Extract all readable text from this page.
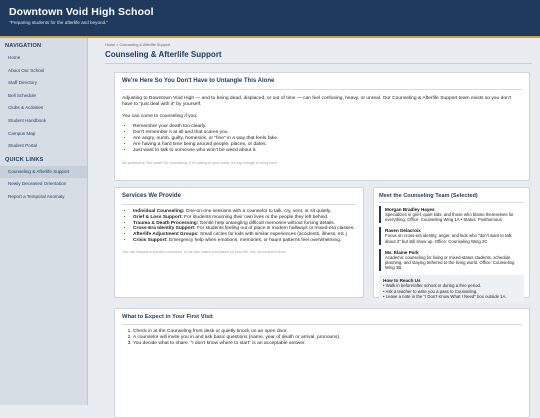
Downtown Void High School
"Preparing students for the afterlife and beyond."
NAVIGATION
Home
About Our School
Staff Directory
Bell Schedule
Clubs & Activities
Student Handbook
Campus Map
Student Portal
QUICK LINKS
Counseling & Afterlife Support
Newly Deceased Orientation
Report a Temporal Anomaly
Home > Counseling & Afterlife Support
Counseling & Afterlife Support
We're Here So You Don't Have to Untangle This Alone

Adjusting to Downtown Void High — and to being dead, displaced, or out of time — can feel confusing, heavy, or unreal. Our Counseling & Afterlife Support team exists so you don't have to "just deal with it" by yourself.

You can come to counseling if you:

• Remember your death too clearly.
• Don't remember it at all and that scares you.
• Are angry, numb, guilty, homesick, or "fine" in a way that feels fake.
• Are having a hard time being around people, places, or dates.
• Just want to talk to someone who won't be weird about it.

No problem is "too small" for counseling. If it's sitting in your chest, it's big enough to bring here.

Services We Provide
• Individual Counseling: One-on-one sessions with a counselor to talk, cry, vent, or sit quietly.
• Grief & Loss Support: For students mourning their own lives or the people they left behind.
• Trauma & Death Processing: Gentle help untangling difficult memories without forcing details.
• Cross-Era Identity Support: For students feeling out of place in modern hallways or mixed-era classes.
• Afterlife Adjustment Groups: Small circles for kids with similar experiences (accidents, illness, etc.)
• Crisis Support: Emergency help when emotions, memories, or haunt patterns feel overwhelming.

You can request a specific counselor, or we can match you based on your file, era, and comfort level.

Meet the Counseling Team (Selected)
Morgan Bradley Hayes
Specializes in grief, quiet kids, and those who blame themselves for everything. Office: Counseling Wing 1A • Status: Posthumous
Raven Delacroix
Focus on cross-era identity, anger, and kids who "don't want to talk about it" but still show up. Office: Counseling Wing 2C
Ms. Elaine Park
Academic counseling for living or mixed-status students, schedule planning, and staying tethered to the living world. Office: Counseling Wing 3B
How to Reach Us
• Walk in before/after school or during a free period.
• Ask a teacher to write you a pass to Counseling.
• Leave a note in the "I Don't Know What I Need" box outside 1A.
What to Expect in Your First Visit
1. Check in at the Counseling front desk or quietly knock on an open door.
2. A counselor will invite you in and ask basic questions (name, year of death or arrival, pronouns).
3. You decide what to share. "I don't know where to start" is an acceptable answer.
